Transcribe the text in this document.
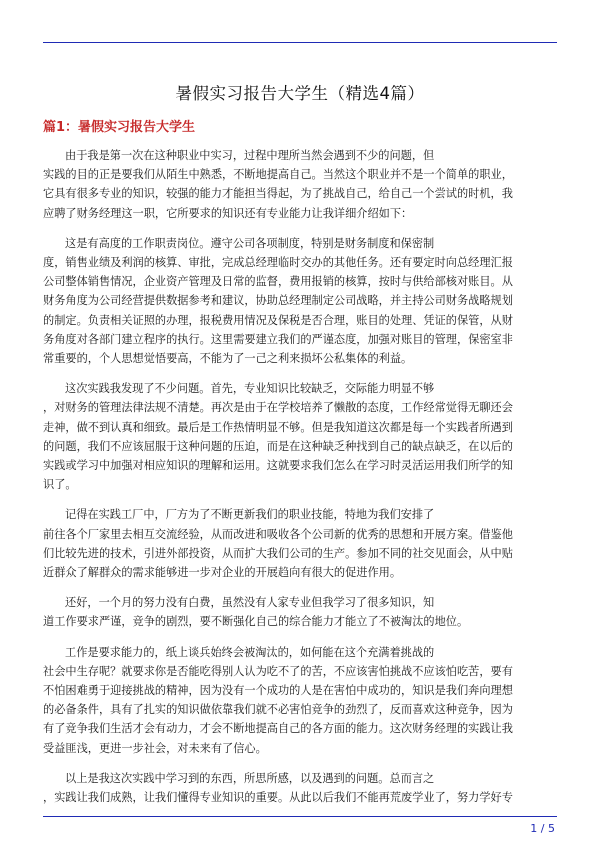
暑假实习报告大学生（精选4篇）
篇1：暑假实习报告大学生
由于我是第一次在这种职业中实习，过程中理所当然会遇到不少的问题，但
实践的目的正是要我们从陌生中熟悉，不断地提高自己。当然这个职业并不是一个简单的职业，
它具有很多专业的知识，较强的能力才能担当得起，为了挑战自己，给自己一个尝试的时机，我
应聘了财务经理这一职，它所要求的知识还有专业能力让我详细介绍如下：
这是有高度的工作职责岗位。遵守公司各项制度，特别是财务制度和保密制
度，销售业绩及利润的核算、审批，完成总经理临时交办的其他任务。还有要定时向总经理汇报
公司整体销售情况，企业资产管理及日常的监督，费用报销的核算，按时与供给部核对账目。从
财务角度为公司经营提供数据参考和建议，协助总经理制定公司战略，并主持公司财务战略规划
的制定。负责相关证照的办理，报税费用情况及保税是否合理，账目的处理、凭证的保管，从财
务角度对各部门建立程序的执行。这里需要建立我们的严谨态度，加强对账目的管理，保密室非
常重要的，个人思想觉悟要高，不能为了一己之利来损坏公私集体的利益。
这次实践我发现了不少问题。首先，专业知识比较缺乏，交际能力明显不够
，对财务的管理法律法规不清楚。再次是由于在学校培养了懒散的态度，工作经常觉得无聊还会
走神，做不到认真和细致。最后是工作热情明显不够。但是我知道这次都是每一个实践者所遇到
的问题，我们不应该屈服于这种问题的压迫，而是在这种缺乏种找到自己的缺点缺乏，在以后的
实践或学习中加强对相应知识的理解和运用。这就要求我们怎么在学习时灵活运用我们所学的知
识了。
记得在实践工厂中，厂方为了不断更新我们的职业技能，特地为我们安排了
前往各个厂家里去相互交流经验，从而改进和吸收各个公司新的优秀的思想和开展方案。借鉴他
们比较先进的技术，引进外部投资，从而扩大我们公司的生产。参加不同的社交见面会，从中贴
近群众了解群众的需求能够进一步对企业的开展趋向有很大的促进作用。
还好，一个月的努力没有白费，虽然没有人家专业但我学习了很多知识，知
道工作要求严谨，竞争的剧烈，要不断强化自己的综合能力才能立了不被淘汰的地位。
工作是要求能力的，纸上谈兵始终会被淘汰的，如何能在这个充满着挑战的
社会中生存呢？就要求你是否能吃得别人认为吃不了的苦，不应该害怕挑战不应该怕吃苦，要有
不怕困难勇于迎接挑战的精神，因为没有一个成功的人是在害怕中成功的，知识是我们奔向理想
的必备条件，具有了扎实的知识做依靠我们就不必害怕竞争的劲烈了，反而喜欢这种竞争，因为
有了竞争我们生活才会有动力，才会不断地提高自己的各方面的能力。这次财务经理的实践让我
受益匪浅，更进一步社会，对未来有了信心。
以上是我这次实践中学习到的东西，所思所感，以及遇到的问题。总而言之
，实践让我们成熟，让我们懂得专业知识的重要。从此以后我们不能再荒废学业了，努力学好专
1 / 5
